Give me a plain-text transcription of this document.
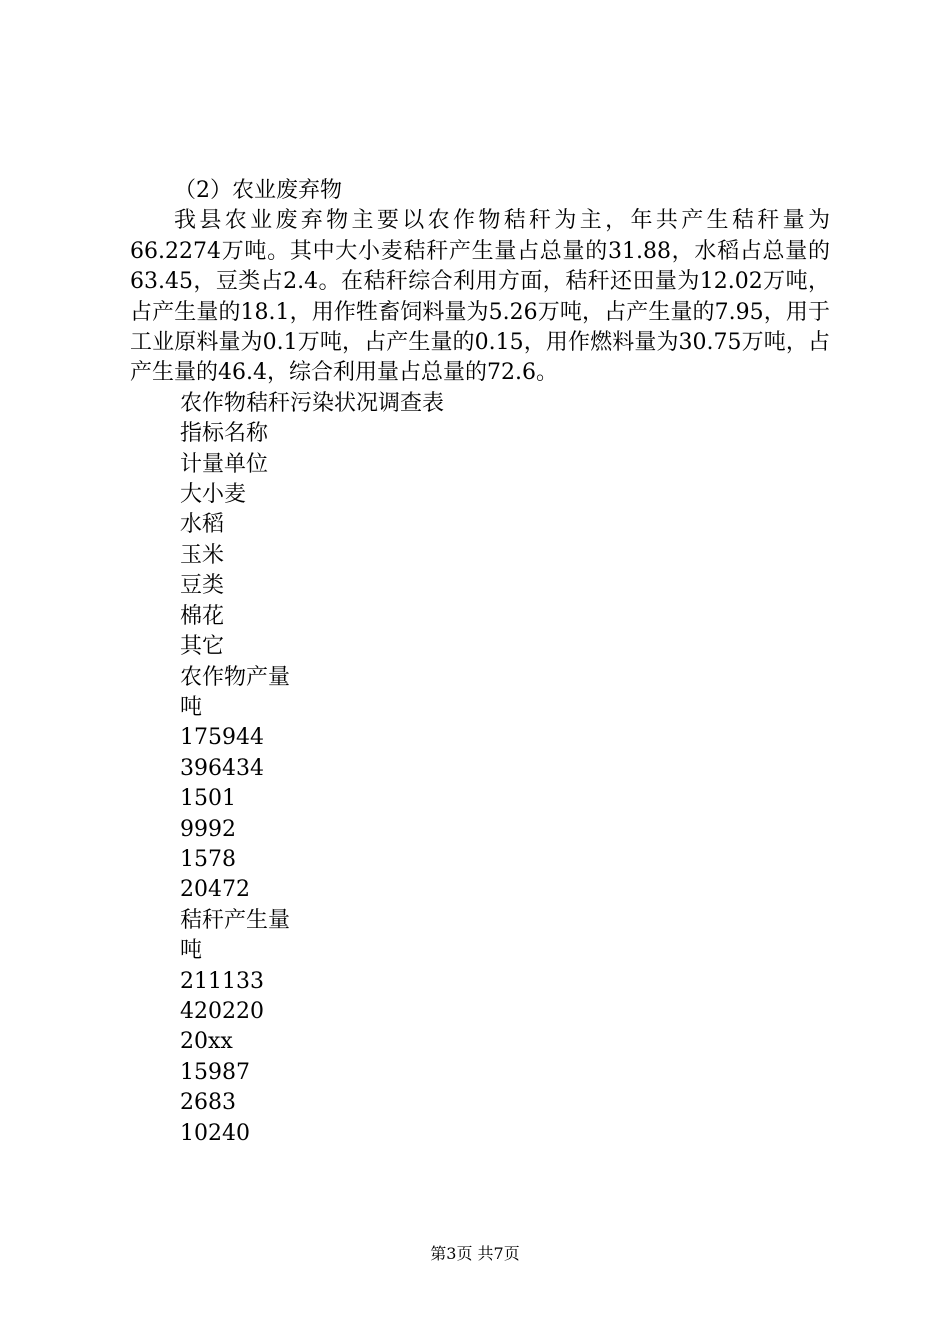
（2）农业废弃物

我县农业废弃物主要以农作物秸秆为主，年共产生秸秆量为66.2274万吨。其中大小麦秸秆产生量占总量的31.88，水稻占总量的63.45，豆类占2.4。在秸秆综合利用方面，秸秆还田量为12.02万吨，占产生量的18.1，用作牲畜饲料量为5.26万吨，占产生量的7.95，用于工业原料量为0.1万吨，占产生量的0.15，用作燃料量为30.75万吨，占产生量的46.4，综合利用量占总量的72.6。

农作物秸秆污染状况调查表
指标名称
计量单位
大小麦
水稻
玉米
豆类
棉花
其它
农作物产量
吨
175944
396434
1501
9992
1578
20472
秸秆产生量
吨
211133
420220
20xx
15987
2683
10240
第3页 共7页
